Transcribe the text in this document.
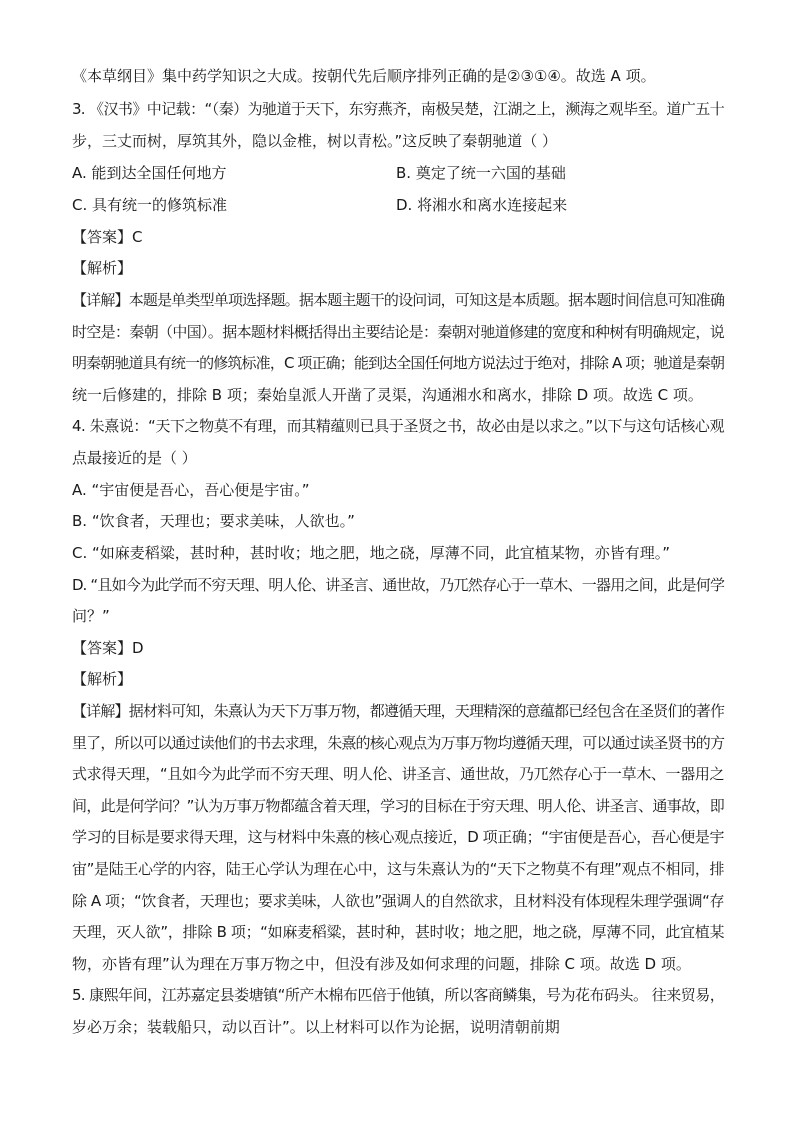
《本草纲目》集中药学知识之大成。按朝代先后顺序排列正确的是②③①④。故选 A 项。
3. 《汉书》中记载：“（秦）为驰道于天下，东穷燕齐，南极吴楚，江湖之上，濒海之观毕至。道广五十
步，三丈而树，厚筑其外，隐以金椎，树以青松。”这反映了秦朝驰道（ ）
A. 能到达全国任何地方	B. 奠定了统一六国的基础
C. 具有统一的修筑标准	D. 将湘水和离水连接起来
【答案】C
【解析】
【详解】本题是单类型单项选择题。据本题主题干的设问词，可知这是本质题。据本题时间信息可知准确
时空是：秦朝（中国）。据本题材料概括得出主要结论是：秦朝对驰道修建的宽度和种树有明确规定，说
明秦朝驰道具有统一的修筑标准，C 项正确；能到达全国任何地方说法过于绝对，排除 A 项；驰道是秦朝
统一后修建的，排除 B 项；秦始皇派人开凿了灵渠，沟通湘水和离水，排除 D 项。故选 C 项。
4. 朱熹说：“天下之物莫不有理，而其精蕴则已具于圣贤之书，故必由是以求之。”以下与这句话核心观
点最接近的是（ ）
A. “宇宙便是吾心，吾心便是宇宙。”
B. “饮食者，天理也；要求美味，人欲也。”
C. “如麻麦稻粱，甚时种，甚时收；地之肥，地之硗，厚薄不同，此宜植某物，亦皆有理。”
D. “且如今为此学而不穷天理、明人伦、讲圣言、通世故，乃兀然存心于一草木、一器用之间，此是何学
问？”
【答案】D
【解析】
【详解】据材料可知，朱熹认为天下万事万物，都遵循天理，天理精深的意蕴都已经包含在圣贤们的著作
里了，所以可以通过读他们的书去求理，朱熹的核心观点为万事万物均遵循天理，可以通过读圣贤书的方
式求得天理，“且如今为此学而不穷天理、明人伦、讲圣言、通世故，乃兀然存心于一草木、一器用之
间，此是何学问？”认为万事万物都蕴含着天理，学习的目标在于穷天理、明人伦、讲圣言、通事故，即
学习的目标是要求得天理，这与材料中朱熹的核心观点接近，D 项正确；“宇宙便是吾心，吾心便是宇
宙”是陆王心学的内容，陆王心学认为理在心中，这与朱熹认为的“天下之物莫不有理”观点不相同，排
除 A 项；“饮食者，天理也；要求美味，人欲也”强调人的自然欲求，且材料没有体现程朱理学强调“存
天理，灭人欲”，排除 B 项；“如麻麦稻粱，甚时种，甚时收；地之肥，地之硗，厚薄不同，此宜植某
物，亦皆有理”认为理在万事万物之中，但没有涉及如何求理的问题，排除 C 项。故选 D 项。
5. 康熙年间，江苏嘉定县娄塘镇“所产木棉布匹倍于他镇，所以客商鳞集，号为花布码头。 往来贸易，
岁必万余；装载船只，动以百计”。以上材料可以作为论据，说明清朝前期
